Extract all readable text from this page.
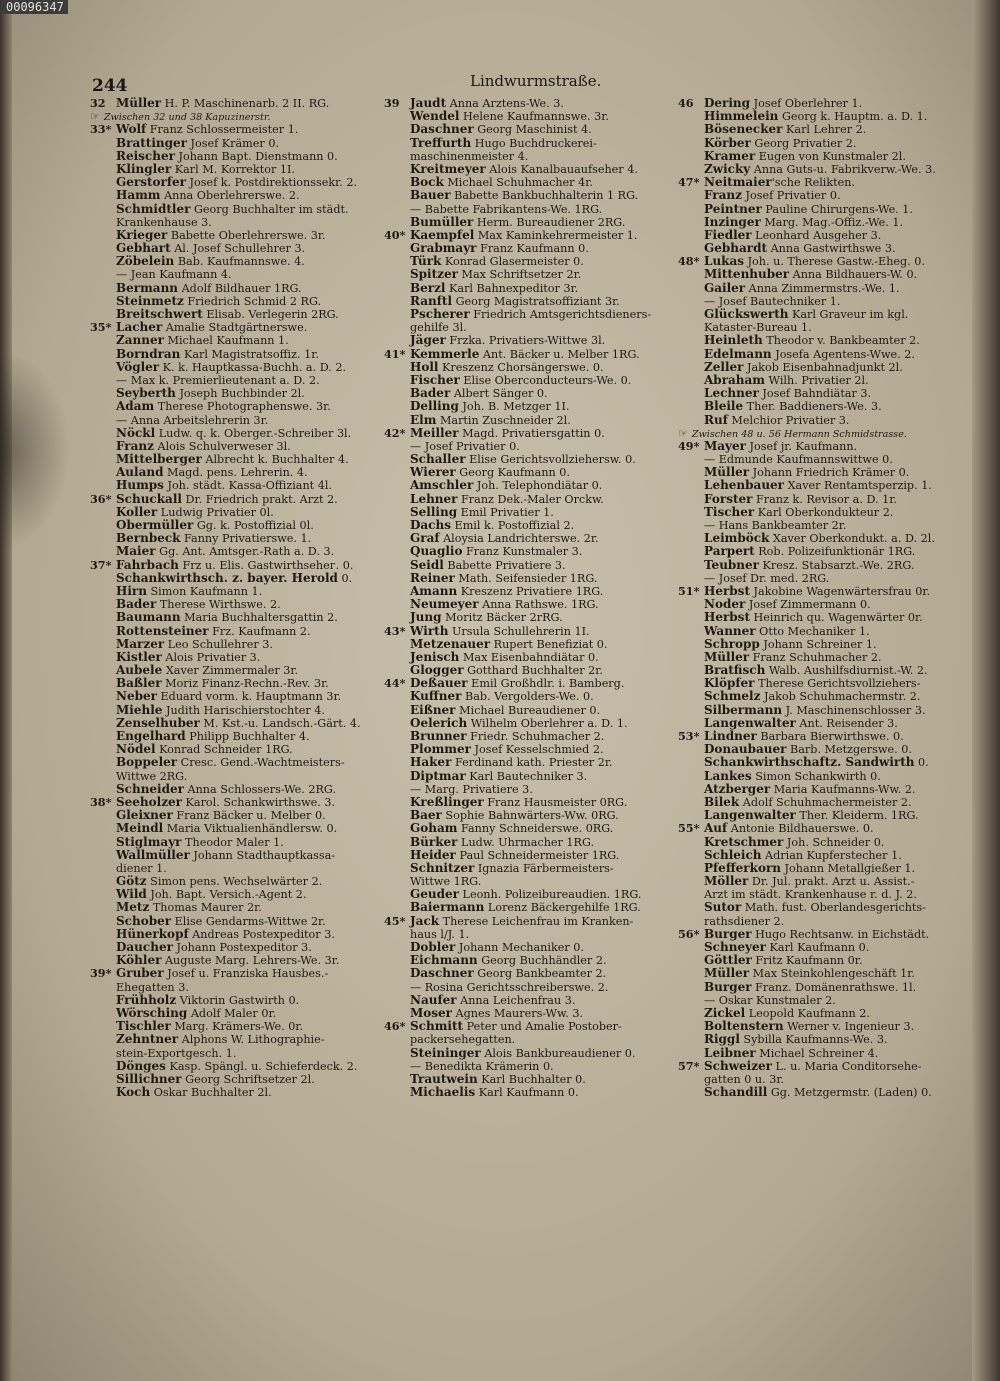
00096347
244	Lindwurmstraße.
32 Müller H. P. Maschinenarb. 2 II. RG.
☞ Zwischen 32 und 38 Kapuzinerstr.
33* Wolf Franz Schlossermeister 1.
Brattinger Josef Krämer 0.
Reischer Johann Bapt. Dienstmann 0.
Klingler Karl M. Korrektor 1I.
Gerstorfer Josef k. Postdirektionssekr. 2.
Hamm Anna Oberlehrerswe. 2.
Schmidtler Georg Buchhalter im städt.
Krankenhause 3.
Krieger Babette Oberlehrerswe. 3r.
Gebhart Al. Josef Schullehrer 3.
Zöbelein Bab. Kaufmannswe. 4.
— Jean Kaufmann 4.
Bermann Adolf Bildhauer 1RG.
Steinmetz Friedrich Schmid 2 RG.
Breitschwert Elisab. Verlegerin 2RG.
35* Lacher Amalie Stadtgärtnerswe.
Zanner Michael Kaufmann 1.
Borndran Karl Magistratsoffiz. 1r.
Vögler K. k. Hauptkassa-Buchh. a. D. 2.
— Max k. Premierlieutenant a. D. 2.
Seyberth Joseph Buchbinder 2l.
Adam Therese Photographenswe. 3r.
— Anna Arbeitslehrerin 3r.
Nöckl Ludw. q. k. Oberger.-Schreiber 3l.
Franz Alois Schulverweser 3l.
Mittelberger Albrecht k. Buchhalter 4.
Auland Magd. pens. Lehrerin. 4.
Humps Joh. städt. Kassa-Offiziant 4l.
36* Schuckall Dr. Friedrich prakt. Arzt 2.
Koller Ludwig Privatier 0l.
Obermüller Gg. k. Postoffizial 0l.
Bernbeck Fanny Privatierswe. 1.
Maier Gg. Ant. Amtsger.-Rath a. D. 3.
37* Fahrbach Frz u. Elis. Gastwirthsehег. 0.
Schankwirthsch. z. bayer. Herold 0.
Hirn Simon Kaufmann 1.
Bader Therese Wirthswe. 2.
Baumann Maria Buchhaltersgattin 2.
Rottensteiner Frz. Kaufmann 2.
Marzer Leo Schullehrer 3.
Kistler Alois Privatier 3.
Aubele Xaver Zimmermaler 3r.
Baßler Moriz Finanz-Rechn.-Rev. 3r.
Neber Eduard vorm. k. Hauptmann 3r.
Miehle Judith Harischierstochter 4.
Zenselhuber M. Kst.-u. Landsch.-Gärt. 4.
Engelhard Philipp Buchhalter 4.
Nödel Konrad Schneider 1RG.
Boppeler Cresc. Gend.-Wachtmeisters-
Wittwe 2RG.
Schneider Anna Schlossers-We. 2RG.
38* Seeholzer Karol. Schankwirthswe. 3.
Gleixner Franz Bäcker u. Melber 0.
Meindl Maria Viktualienhändlersw. 0.
Stiglmayr Theodor Maler 1.
Wallmüller Johann Stadthauptkassa-
diener 1.
Götz Simon pens. Wechselwärter 2.
Wild Joh. Bapt. Versich.-Agent 2.
Metz Thomas Maurer 2r.
Schober Elise Gendarms-Wittwe 2r.
Hünerkopf Andreas Postexpeditor 3.
Daucher Johann Postexpeditor 3.
Köhler Auguste Marg. Lehrers-We. 3r.
39* Gruber Josef u. Franziska Hausbes.-
Ehegatten 3.
Frühholz Viktorin Gastwirth 0.
Wörsching Adolf Maler 0r.
Tischler Marg. Krämers-We. 0r.
Zehntner Alphons W. Lithographie-
stein-Exportgesch. 1.
Dönges Kasp. Spängl. u. Schieferdeck. 2.
Sillichner Georg Schriftsetzer 2l.
Koch Oskar Buchhalter 2l.
39 Jaudt Anna Arztens-We. 3.
Wendel Helene Kaufmannswe. 3r.
Daschner Georg Maschinist 4.
Treffurth Hugo Buchdruckerei-
maschinenmeister 4.
Kreitmeyer Alois Kanalbauaufseher 4.
Bock Michael Schuhmacher 4r.
Bauer Babette Bankbuchhalterin 1 RG.
— Babette Fabrikantens-We. 1RG.
Bumüller Herm. Bureaudiener 2RG.
40* Kaempfel Max Kaminkehrermeister 1.
Grabmayr Franz Kaufmann 0.
Türk Konrad Glasermeister 0.
Spitzer Max Schriftsetzer 2r.
Berzl Karl Bahnexpeditor 3r.
Ranftl Georg Magistratsoffiziant 3r.
Pscherer Friedrich Amtsgerichtsdieners-
gehilfe 3l.
Jäger Frzka. Privatiers-Wittwe 3l.
41* Kemmerle Ant. Bäcker u. Melber 1RG.
Holl Kreszenz Chorsängerswe. 0.
Fischer Elise Oberconducteurs-We. 0.
Bader Albert Sänger 0.
Delling Joh. B. Metzger 1I.
Elm Martin Zuschneider 2l.
42* Meiller Magd. Privatiersgattin 0.
— Josef Privatier 0.
Schaller Elise Gerichtsvollziehersw. 0.
Wierer Georg Kaufmann 0.
Amschler Joh. Telephondiätar 0.
Lehner Franz Dek.-Maler Orckw.
Selling Emil Privatier 1.
Dachs Emil k. Postoffizial 2.
Graf Aloysia Landrichterswe. 2r.
Quaglio Franz Kunstmaler 3.
Seidl Babette Privatiere 3.
Reiner Math. Seifensieder 1RG.
Amann Kreszenz Privatiere 1RG.
Neumeyer Anna Rathswe. 1RG.
Jung Moritz Bäcker 2rRG.
43* Wirth Ursula Schullehrerin 1I.
Metzenauer Rupert Benefiziat 0.
Jenisch Max Eisenbahndiätar 0.
Glogger Gotthard Buchhalter 2r.
44* Deßauer Emil Großhdlr. i. Bamberg.
Kuffner Bab. Vergolders-We. 0.
Eißner Michael Bureaudiener 0.
Oelerich Wilhelm Oberlehrer a. D. 1.
Brunner Friedr. Schuhmacher 2.
Plommer Josef Kesselschmied 2.
Haker Ferdinand kath. Priester 2r.
Diptmar Karl Bautechniker 3.
— Marg. Privatiere 3.
Kreßlinger Franz Hausmeister 0RG.
Baer Sophie Bahnwärters-Ww. 0RG.
Goham Fanny Schneiderswe. 0RG.
Bürker Ludw. Uhrmacher 1RG.
Heider Paul Schneidermeister 1RG.
Schnitzer Ignazia Färbermeisters-
Wittwe 1RG.
Geuder Leonh. Polizeibureaudien. 1RG.
Baiermann Lorenz Bäckergehilfe 1RG.
45* Jack Therese Leichenfrau im Kranken-
haus l/J. 1.
Dobler Johann Mechaniker 0.
Eichmann Georg Buchhändler 2.
Daschner Georg Bankbeamter 2.
— Rosina Gerichtsschreiberswe. 2.
Naufer Anna Leichenfrau 3.
Moser Agnes Maurers-Ww. 3.
46* Schmitt Peter und Amalie Postober-
packersehegatten.
Steininger Alois Bankbureaudiener 0.
— Benedikta Krämerin 0.
Trautwein Karl Buchhalter 0.
Michaelis Karl Kaufmann 0.
46 Dering Josef Oberlehrer 1.
Himmelein Georg k. Hauptm. a. D. 1.
Bösenecker Karl Lehrer 2.
Körber Georg Privatier 2.
Kramer Eugen von Kunstmaler 2l.
Zwicky Anna Guts-u. Fabrikverw.-We. 3.
47* Neitmaier'sche Relikten.
Franz Josef Privatier 0.
Peintner Pauline Chirurgens-We. 1.
Inzinger Marg. Mag.-Offiz.-We. 1.
Fiedler Leonhard Ausgeher 3.
Gebhardt Anna Gastwirthswe 3.
48* Lukas Joh. u. Therese Gastw.-Eheg. 0.
Mittenhuber Anna Bildhauers-W. 0.
Gailer Anna Zimmermstrs.-We. 1.
— Josef Bautechniker 1.
Glückswerth Karl Graveur im kgl.
Kataster-Bureau 1.
Heinleth Theodor v. Bankbeamter 2.
Edelmann Josefa Agentens-Wwe. 2.
Zeller Jakob Eisenbahnadjunkt 2l.
Abraham Wilh. Privatier 2l.
Lechner Josef Bahndiätar 3.
Bleile Ther. Baddieners-We. 3.
Ruf Melchior Privatier 3.
☞ Zwischen 48 u. 56 Hermann Schmidstrasse.
49* Mayer Josef jr. Kaufmann.
— Edmunde Kaufmannswittwe 0.
Müller Johann Friedrich Krämer 0.
Lehenbauer Xaver Rentamtsperzip. 1.
Forster Franz k. Revisor a. D. 1r.
Tischer Karl Oberkondukteur 2.
— Hans Bankbeamter 2r.
Leimböck Xaver Oberkondukt. a. D. 2l.
Parpert Rob. Polizeifunktionär 1RG.
Teubner Kresz. Stabsarzt.-We. 2RG.
— Josef Dr. med. 2RG.
51* Herbst Jakobine Wagenwärtersfrau 0r.
Noder Josef Zimmermann 0.
Herbst Heinrich qu. Wagenwärter 0r.
Wanner Otto Mechaniker 1.
Schropp Johann Schreiner 1.
Müller Franz Schuhmacher 2.
Bratfisch Walb. Aushilfsdiurnist.-W. 2.
Klöpfer Therese Gerichtsvollziehers-
Schmelz Jakob Schuhmachermstr. 2.
Silbermann J. Maschinenschlosser 3.
Langenwalter Ant. Reisender 3.
53* Lindner Barbara Bierwirthswe. 0.
Donaubauer Barb. Metzgerswe. 0.
Schankwirthschaftz. Sandwirth 0.
Lankes Simon Schankwirth 0.
Atzberger Maria Kaufmanns-Ww. 2.
Bilek Adolf Schuhmachermeister 2.
Langenwalter Ther. Kleiderm. 1RG.
55* Auf Antonie Bildhauerswe. 0.
Kretschmer Joh. Schneider 0.
Schleich Adrian Kupferstecher 1.
Pfefferkorn Johann Metallgießer 1.
Möller Dr. Jul. prakt. Arzt u. Assist.-
Arzt im städt. Krankenhause r. d. J. 2.
Sutor Math. fust. Oberlandesgerichts-
rathsdiener 2.
56* Burger Hugo Rechtsanw. in Eichstädt.
Schneyer Karl Kaufmann 0.
Göttler Fritz Kaufmann 0r.
Müller Max Steinkohlengeschäft 1r.
Burger Franz. Domänenrathswe. 1l.
— Oskar Kunstmaler 2.
Zickel Leopold Kaufmann 2.
Boltenstern Werner v. Ingenieur 3.
Riggl Sybilla Kaufmanns-We. 3.
Leibner Michael Schreiner 4.
57* Schweizer L. u. Maria Conditorsehe-
gatten 0 u. 3r.
Schandill Gg. Metzgermstr. (Laden) 0.
